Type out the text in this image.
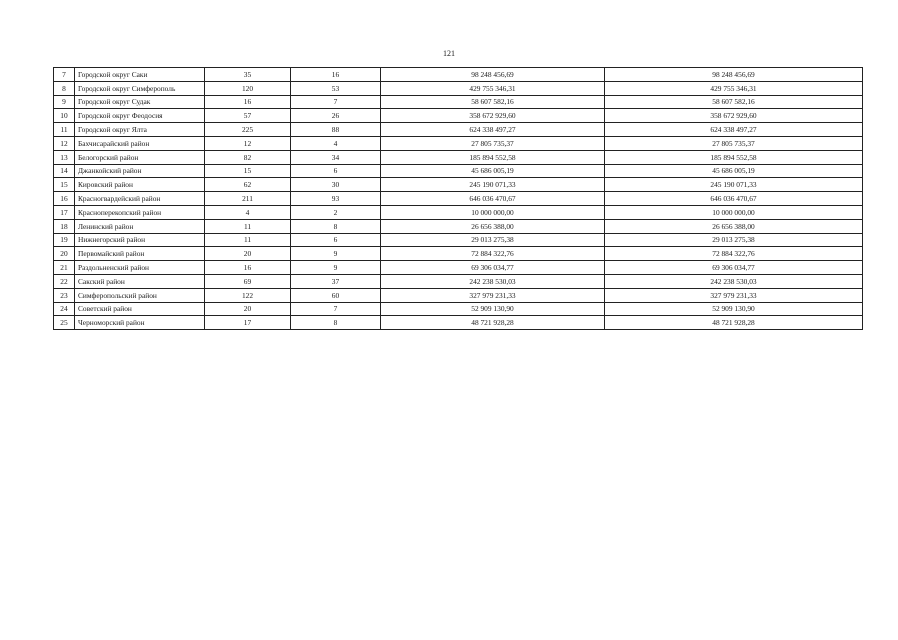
121
7	Городской округ Саки	35	16	98 248 456,69	98 248 456,69
8	Городской округ Симферополь	120	53	429 755 346,31	429 755 346,31
9	Городской округ Судак	16	7	58 607 582,16	58 607 582,16
10	Городской округ Феодосия	57	26	358 672 929,60	358 672 929,60
11	Городской округ Ялта	225	88	624 338 497,27	624 338 497,27
12	Бахчисарайский район	12	4	27 805 735,37	27 805 735,37
13	Белогорский район	82	34	185 894 552,58	185 894 552,58
14	Джанкойский район	15	6	45 686 005,19	45 686 005,19
15	Кировский район	62	30	245 190 071,33	245 190 071,33
16	Красногвардейский район	211	93	646 036 470,67	646 036 470,67
17	Красноперекопский район	4	2	10 000 000,00	10 000 000,00
18	Ленинский район	11	8	26 656 388,00	26 656 388,00
19	Нижнегорский район	11	6	29 013 275,38	29 013 275,38
20	Первомайский район	20	9	72 884 322,76	72 884 322,76
21	Раздольненский район	16	9	69 306 034,77	69 306 034,77
22	Сакский район	69	37	242 238 530,03	242 238 530,03
23	Симферопольский район	122	60	327 979 231,33	327 979 231,33
24	Советский район	20	7	52 909 130,90	52 909 130,90
25	Черноморский район	17	8	48 721 928,28	48 721 928,28
